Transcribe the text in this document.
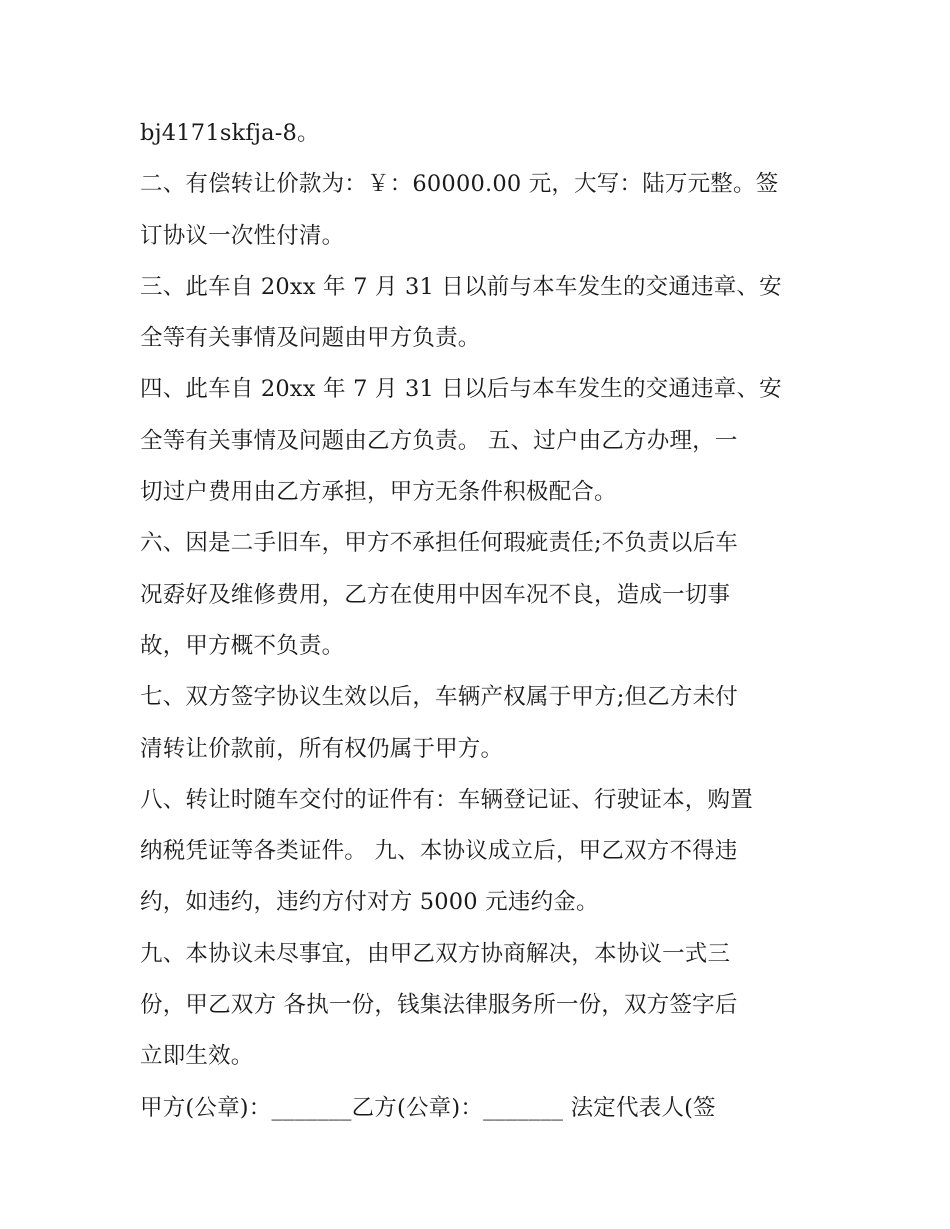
bj4171skfja-8。
二、有偿转让价款为：￥：60000.00 元，大写：陆万元整。签
订协议一次性付清。
三、此车自 20xx 年 7 月 31 日以前与本车发生的交通违章、安
全等有关事情及问题由甲方负责。
四、此车自 20xx 年 7 月 31 日以后与本车发生的交通违章、安
全等有关事情及问题由乙方负责。 五、过户由乙方办理，一
切过户费用由乙方承担，甲方无条件积极配合。
六、因是二手旧车，甲方不承担任何瑕疵责任;不负责以后车
况孬好及维修费用，乙方在使用中因车况不良，造成一切事
故，甲方概不负责。
七、双方签字协议生效以后，车辆产权属于甲方;但乙方未付
清转让价款前，所有权仍属于甲方。
八、转让时随车交付的证件有：车辆登记证、行驶证本，购置
纳税凭证等各类证件。 九、本协议成立后，甲乙双方不得违
约，如违约，违约方付对方 5000 元违约金。
九、本协议未尽事宜，由甲乙双方协商解决，本协议一式三
份，甲乙双方 各执一份，钱集法律服务所一份，双方签字后
立即生效。
甲方(公章)：_______乙方(公章)：_______ 法定代表人(签
